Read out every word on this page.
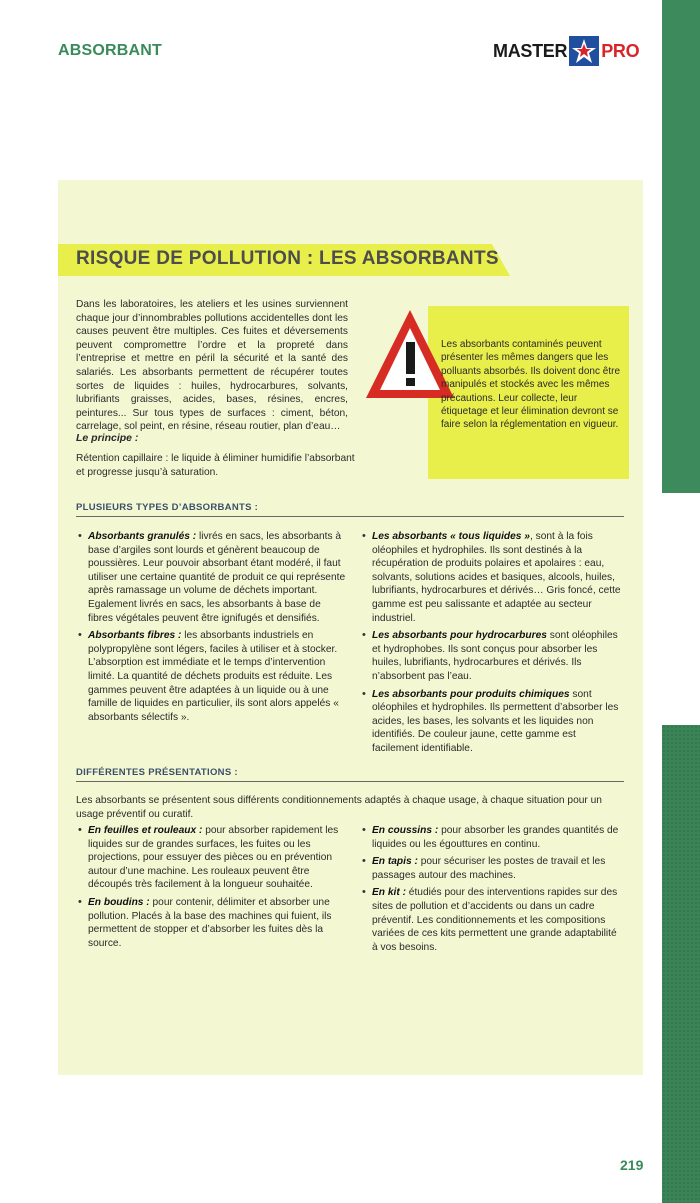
ABSORBANT	MASTER PRO
RISQUE DE POLLUTION : LES ABSORBANTS
Dans les laboratoires, les ateliers et les usines surviennent chaque jour d’innombrables pollutions accidentelles dont les causes peuvent être multiples. Ces fuites et déversements peuvent compromettre l’ordre et la propreté dans l’entreprise et mettre en péril la sécurité et la santé des salariés. Les absorbants permettent de récupérer toutes sortes de liquides : huiles, hydrocarbures, solvants, lubrifiants graisses, acides, bases, résines, encres, peintures... Sur tous types de surfaces : ciment, béton, carrelage, sol peint, en résine, réseau routier, plan d’eau…
Le principe :
Rétention capillaire : le liquide à éliminer humidifie l’absorbant et progresse jusqu’à saturation.
Les absorbants contaminés peuvent présenter les mêmes dangers que les polluants absorbés. Ils doivent donc être manipulés et stockés avec les mêmes précautions. Leur collecte, leur étiquetage et leur élimination devront se faire selon la réglementation en vigueur.
PLUSIEURS TYPES D’ABSORBANTS :
• Absorbants granulés : livrés en sacs, les absorbants à base d’argiles sont lourds et génèrent beaucoup de poussières. Leur pouvoir absorbant étant modéré, il faut utiliser une certaine quantité de produit ce qui représente après ramassage un volume de déchets important. Egalement livrés en sacs, les absorbants à base de fibres végétales peuvent être ignifugés et densifiés.
• Absorbants fibres : les absorbants industriels en polypropylène sont légers, faciles à utiliser et à stocker. L’absorption est immédiate et le temps d’intervention limité. La quantité de déchets produits est réduite. Les gammes peuvent être adaptées à un liquide ou à une famille de liquides en particulier, ils sont alors appelés « absorbants sélectifs ».
• Les absorbants « tous liquides », sont à la fois oléophiles et hydrophiles. Ils sont destinés à la récupération de produits polaires et apolaires : eau, solvants, solutions acides et basiques, alcools, huiles, lubrifiants, hydrocarbures et dérivés… Gris foncé, cette gamme est peu salissante et adaptée au secteur industriel.
• Les absorbants pour hydrocarbures sont oléophiles et hydrophobes. Ils sont conçus pour absorber les huiles, lubrifiants, hydrocarbures et dérivés. Ils n’absorbent pas l’eau.
• Les absorbants pour produits chimiques sont oléophiles et hydrophiles. Ils permettent d’absorber les acides, les bases, les solvants et les liquides non identifiés. De couleur jaune, cette gamme est facilement identifiable.
DIFFÉRENTES PRÉSENTATIONS :
Les absorbants se présentent sous différents conditionnements adaptés à chaque usage, à chaque situation pour un usage préventif ou curatif.
• En feuilles et rouleaux : pour absorber rapidement les liquides sur de grandes surfaces, les fuites ou les projections, pour essuyer des pièces ou en prévention autour d’une machine. Les rouleaux peuvent être découpés très facilement à la longueur souhaitée.
• En boudins : pour contenir, délimiter et absorber une pollution. Placés à la base des machines qui fuient, ils permettent de stopper et d’absorber les fuites dès la source.
• En coussins : pour absorber les grandes quantités de liquides ou les égouttures en continu.
• En tapis : pour sécuriser les postes de travail et les passages autour des machines.
• En kit : étudiés pour des interventions rapides sur des sites de pollution et d’accidents ou dans un cadre préventif. Les conditionnements et les compositions variées de ces kits permettent une grande adaptabilité à vos besoins.
219
